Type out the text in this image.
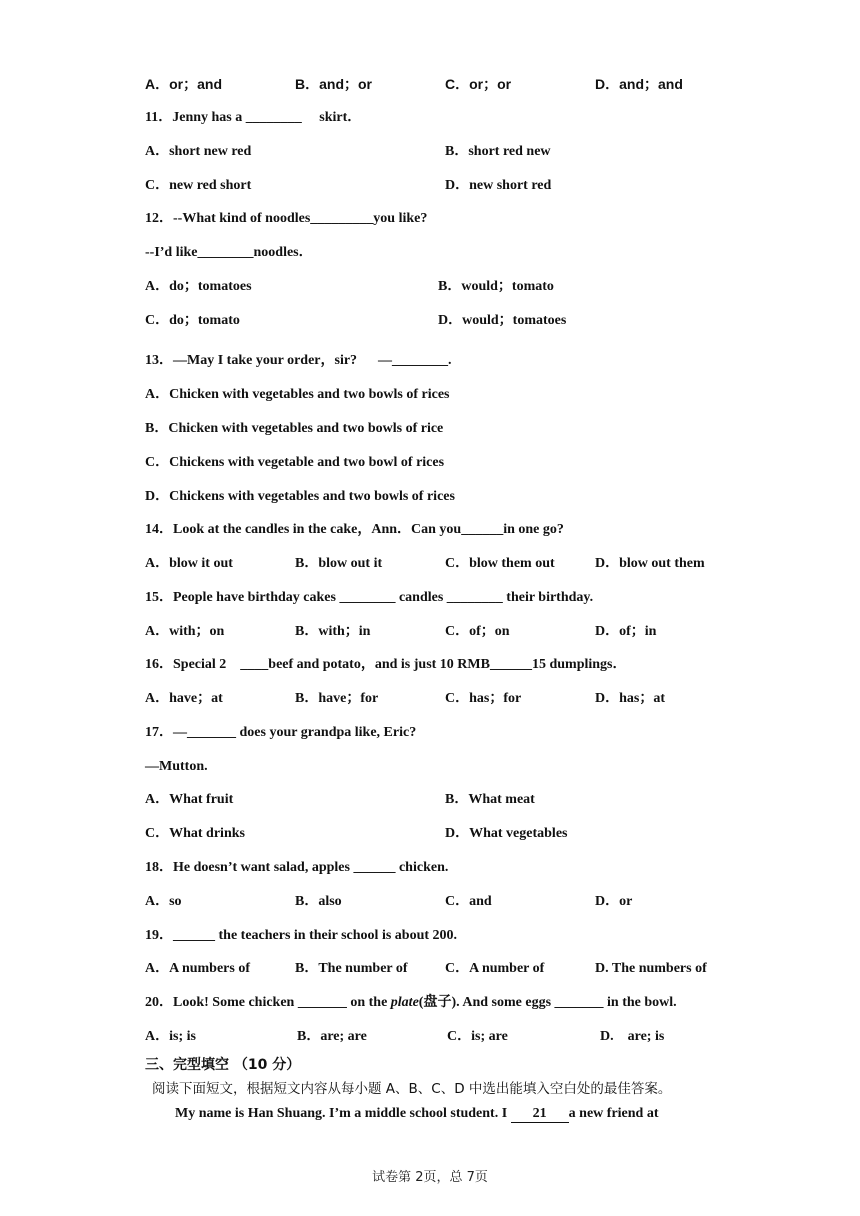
A．or；and	B．and；or	C．or；or	D．and；and
11．Jenny has a ________     skirt．
A．short new red	B．short red new
C．new red short	D．new short red
12．--What kind of noodles_________you like?
--I’d like________noodles．
A．do；tomatoes	B．would；tomato
C．do；tomato	D．would；tomatoes
13．—May I take your order，sir?      —________.
A．Chicken with vegetables and two bowls of rices
B．Chicken with vegetables and two bowls of rice
C．Chickens with vegetable and two bowl of rices
D．Chickens with vegetables and two bowls of rices
14．Look at the candles in the cake，Ann．Can you______in one go?
A．blow it out	B．blow out it	C．blow them out	D．blow out them
15．People have birthday cakes ________ candles ________ their birthday.
A．with；on	B．with；in	C．of；on	D．of；in
16．Special 2    ____beef and potato，and is just 10 RMB______15 dumplings．
A．have；at	B．have；for	C．has；for	D．has；at
17．—_______ does your grandpa like, Eric?
—Mutton.
A．What fruit	B．What meat
C．What drinks	D．What vegetables
18．He doesn’t want salad, apples ______ chicken.
A．so	B．also	C．and	D．or
19．______ the teachers in their school is about 200.
A．A numbers of	B．The number of	C．A number of	D. The numbers of
20．Look! Some chicken _______ on the plate(盘子). And some eggs _______ in the bowl.
A．is; is	B．are; are	C．is; are	D.    are; is
三、完型填空 （10 分）
阅读下面短文，根据短文内容从每小题 A、B、C、D 中选出能填入空白处的最佳答案。
My name is Han Shuang. I’m a middle school student. I 21 a new friend at
试卷第 2页，总 7页
